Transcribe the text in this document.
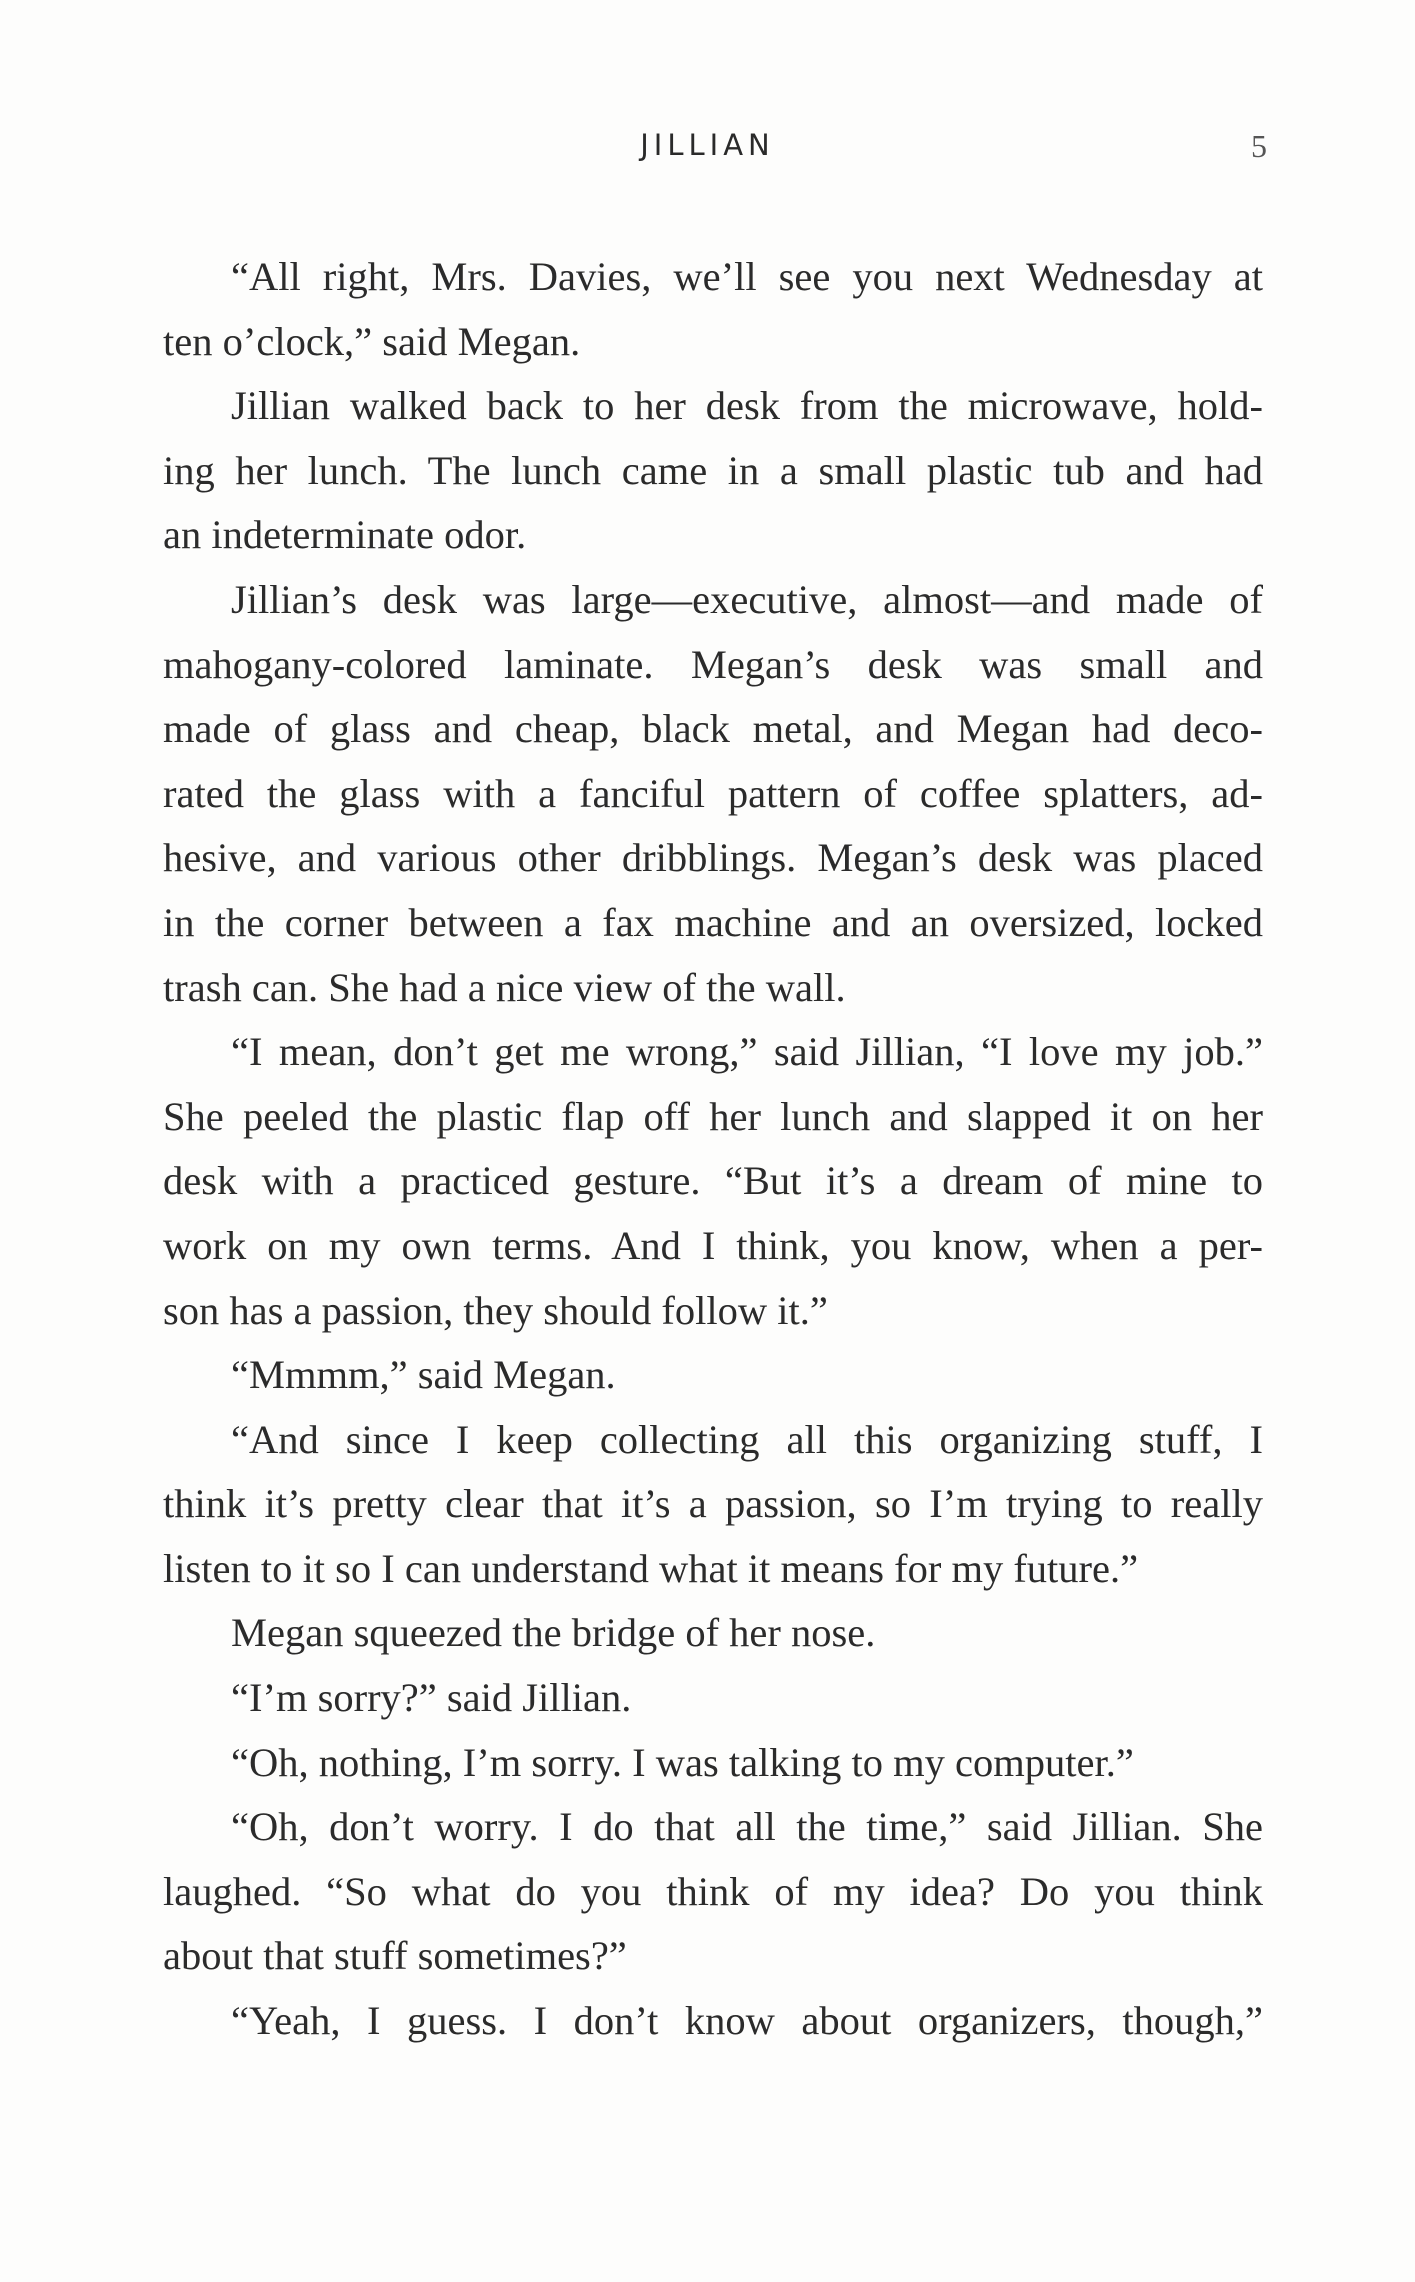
JILLIAN	5
“All right, Mrs. Davies, we’ll see you next Wednesday at
ten o’clock,” said Megan.
Jillian walked back to her desk from the microwave, hold-
ing her lunch. The lunch came in a small plastic tub and had
an indeterminate odor.
Jillian’s desk was large—executive, almost—and made of
mahogany-colored laminate. Megan’s desk was small and
made of glass and cheap, black metal, and Megan had deco-
rated the glass with a fanciful pattern of coffee splatters, ad-
hesive, and various other dribblings. Megan’s desk was placed
in the corner between a fax machine and an oversized, locked
trash can. She had a nice view of the wall.
“I mean, don’t get me wrong,” said Jillian, “I love my job.”
She peeled the plastic flap off her lunch and slapped it on her
desk with a practiced gesture. “But it’s a dream of mine to
work on my own terms. And I think, you know, when a per-
son has a passion, they should follow it.”
“Mmmm,” said Megan.
“And since I keep collecting all this organizing stuff, I
think it’s pretty clear that it’s a passion, so I’m trying to really
listen to it so I can understand what it means for my future.”
Megan squeezed the bridge of her nose.
“I’m sorry?” said Jillian.
“Oh, nothing, I’m sorry. I was talking to my computer.”
“Oh, don’t worry. I do that all the time,” said Jillian. She
laughed. “So what do you think of my idea? Do you think
about that stuff sometimes?”
“Yeah, I guess. I don’t know about organizers, though,”
